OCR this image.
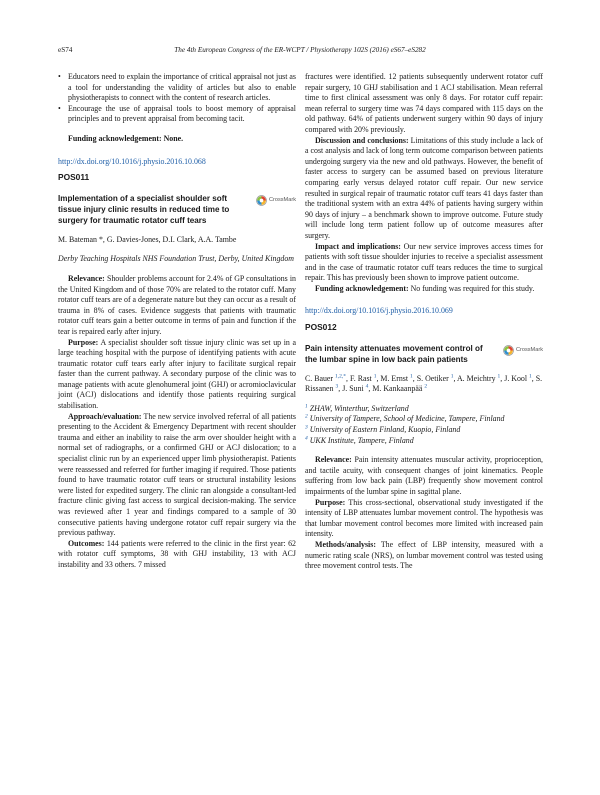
eS74	The 4th European Congress of the ER-WCPT / Physiotherapy 102S (2016) eS67–eS282

• Educators need to explain the importance of critical appraisal not just as a tool for understanding the validity of articles but also to enable physiotherapists to connect with the content of research articles.

• Encourage the use of appraisal tools to boost memory of appraisal principles and to prevent appraisal from becoming tacit.

Funding acknowledgement: None.

http://dx.doi.org/10.1016/j.physio.2016.10.068

POS011

Implementation of a specialist shoulder soft tissue injury clinic results in reduced time to surgery for traumatic rotator cuff tears
CrossMark

M. Bateman *, G. Davies-Jones, D.I. Clark, A.A. Tambe

Derby Teaching Hospitals NHS Foundation Trust, Derby, United Kingdom

Relevance: Shoulder problems account for 2.4% of GP consultations in the United Kingdom and of those 70% are related to the rotator cuff. Many rotator cuff tears are of a degenerate nature but they can occur as a result of trauma in 8% of cases. Evidence suggests that patients with traumatic rotator cuff tears gain a better outcome in terms of pain and function if the tear is repaired early after injury.

Purpose: A specialist shoulder soft tissue injury clinic was set up in a large teaching hospital with the purpose of identifying patients with acute traumatic rotator cuff tears early after injury to facilitate surgical repair faster than the current pathway. A secondary purpose of the clinic was to manage patients with acute glenohumeral joint (GHJ) or acromioclavicular joint (ACJ) dislocations and identify those patients requiring surgical stabilisation.

Approach/evaluation: The new service involved referral of all patients presenting to the Accident & Emergency Department with recent shoulder trauma and either an inability to raise the arm over shoulder height with a normal set of radiographs, or a confirmed GHJ or ACJ dislocation; to a specialist clinic run by an experienced upper limb physiotherapist. Patients were reassessed and referred for further imaging if required. Those patients found to have traumatic rotator cuff tears or structural instability lesions were listed for expedited surgery. The clinic ran alongside a consultant-led fracture clinic giving fast access to surgical decision-making. The service was reviewed after 1 year and findings compared to a sample of 30 consecutive patients having undergone rotator cuff repair surgery via the previous pathway.

Outcomes: 144 patients were referred to the clinic in the first year: 62 with rotator cuff symptoms, 38 with GHJ instability, 13 with ACJ instability and 33 others. 7 missed

fractures were identified. 12 patients subsequently underwent rotator cuff repair surgery, 10 GHJ stabilisation and 1 ACJ stabilisation. Mean referral time to first clinical assessment was only 8 days. For rotator cuff repair: mean referral to surgery time was 74 days compared with 115 days on the old pathway. 64% of patients underwent surgery within 90 days of injury compared with 20% previously.

Discussion and conclusions: Limitations of this study include a lack of a cost analysis and lack of long term outcome comparison between patients undergoing surgery via the new and old pathways. However, the benefit of faster access to surgery can be assumed based on previous literature comparing early versus delayed rotator cuff repair. Our new service resulted in surgical repair of traumatic rotator cuff tears 41 days faster than the traditional system with an extra 44% of patients having surgery within 90 days of injury – a benchmark shown to improve outcome. Future study will include long term patient follow up of outcome measures after surgery.

Impact and implications: Our new service improves access times for patients with soft tissue shoulder injuries to receive a specialist assessment and in the case of traumatic rotator cuff tears reduces the time to surgical repair. This has previously been shown to improve patient outcome.

Funding acknowledgement: No funding was required for this study.

http://dx.doi.org/10.1016/j.physio.2016.10.069

POS012

Pain intensity attenuates movement control of the lumbar spine in low back pain patients
CrossMark

C. Bauer $^{1,2,*}$, F. Rast $^1$, M. Ernst $^1$, S. Oetiker $^1$, A. Meichtry $^1$, J. Kool $^1$, S. Rissanen $^3$, J. Suni $^4$, M. Kankaanpää $^2$

$^1$ ZHAW, Winterthur, Switzerland

$^2$ University of Tampere, School of Medicine, Tampere, Finland

$^3$ University of Eastern Finland, Kuopio, Finland

$^4$ UKK Institute, Tampere, Finland

Relevance: Pain intensity attenuates muscular activity, proprioception, and tactile acuity, with consequent changes of joint kinematics. People suffering from low back pain (LBP) frequently show movement control impairments of the lumbar spine in sagittal plane.

Purpose: This cross-sectional, observational study investigated if the intensity of LBP attenuates lumbar movement control. The hypothesis was that lumbar movement control becomes more limited with increased pain intensity.

Methods/analysis: The effect of LBP intensity, measured with a numeric rating scale (NRS), on lumbar movement control was tested using three movement control tests. The
